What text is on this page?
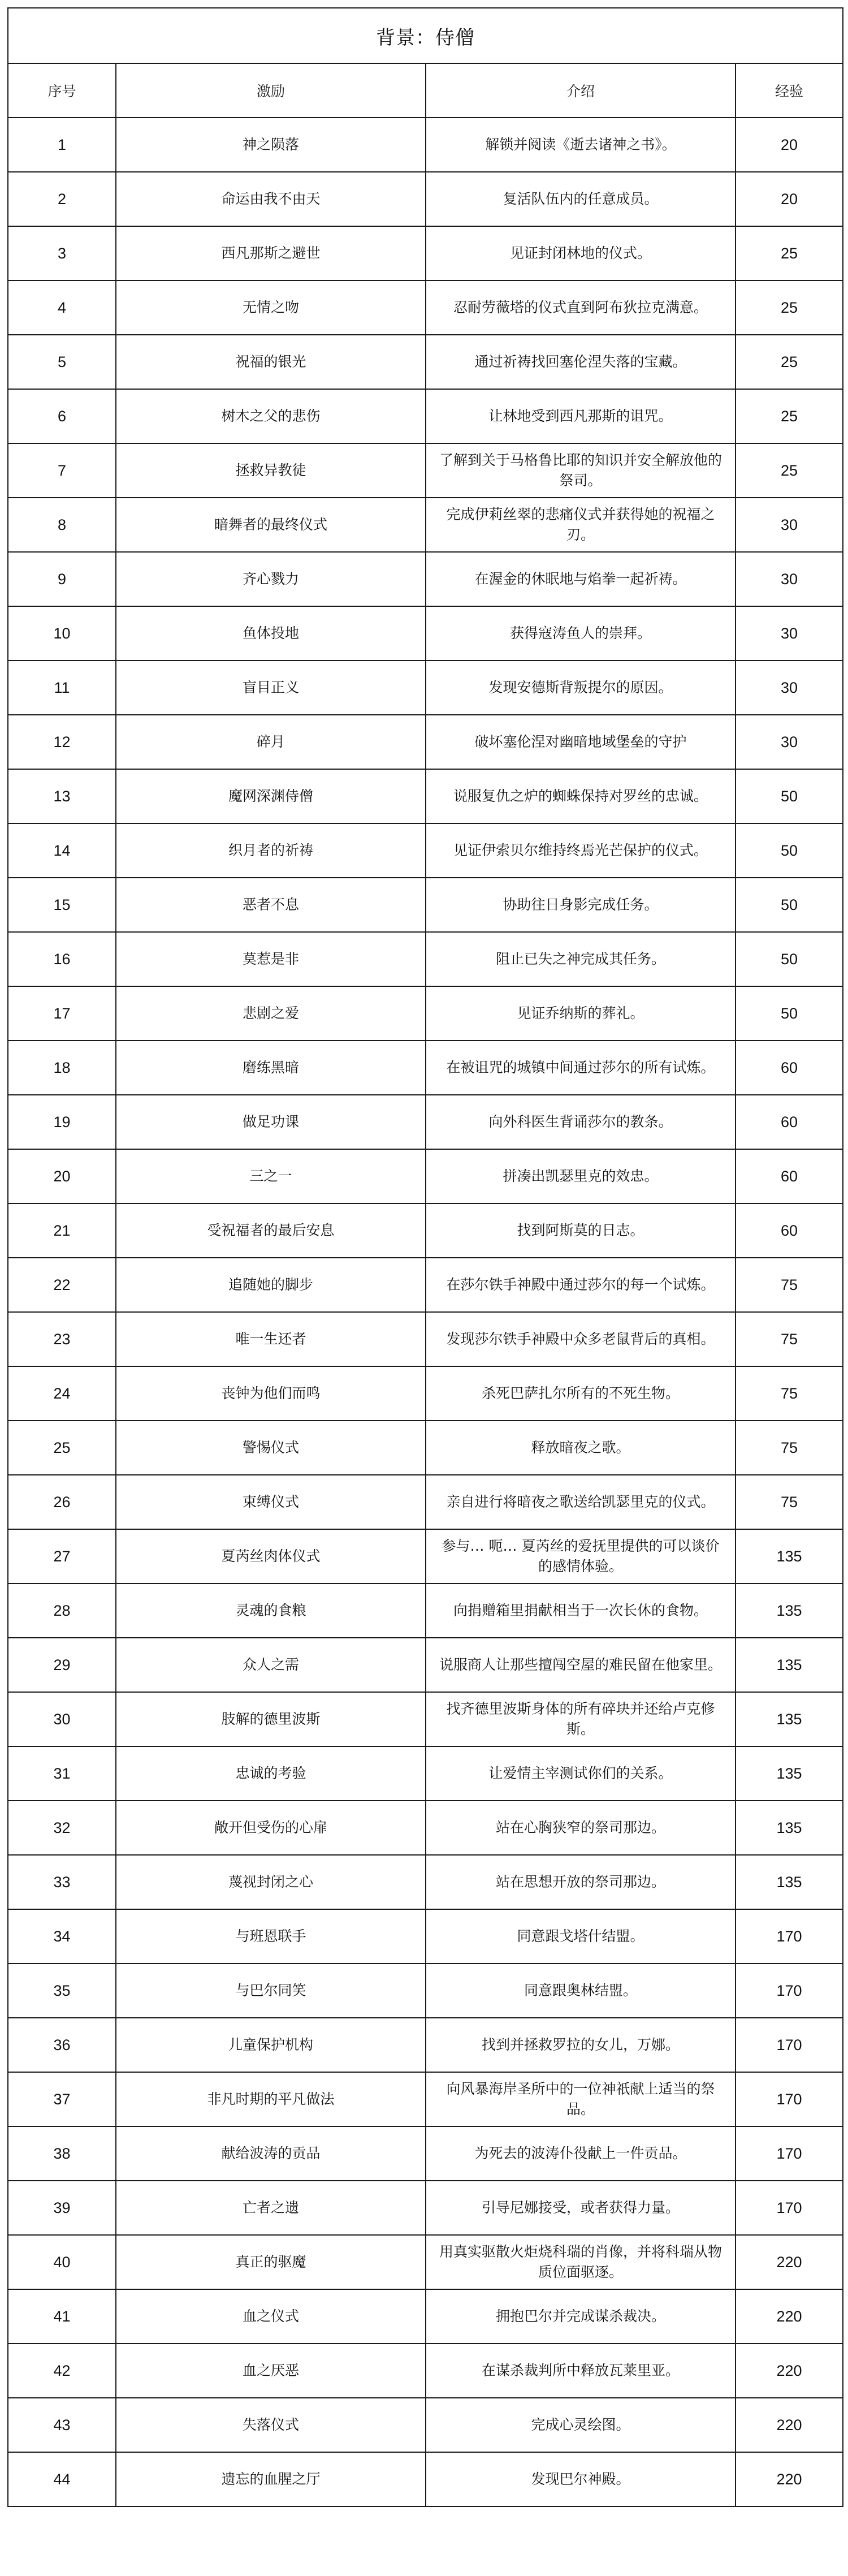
背景：侍僧			
序号	激励	介绍	经验
1	神之陨落	解锁并阅读《逝去诸神之书》。	20
2	命运由我不由天	复活队伍内的任意成员。	20
3	西凡那斯之避世	见证封闭林地的仪式。	25
4	无情之吻	忍耐劳薇塔的仪式直到阿布狄拉克满意。	25
5	祝福的银光	通过祈祷找回塞伦涅失落的宝藏。	25
6	树木之父的悲伤	让林地受到西凡那斯的诅咒。	25
7	拯救异教徒	了解到关于马格鲁比耶的知识并安全解放他的祭司。	25
8	暗舞者的最终仪式	完成伊莉丝翠的悲痛仪式并获得她的祝福之刃。	30
9	齐心戮力	在渥金的休眠地与焰拳一起祈祷。	30
10	鱼体投地	获得寇涛鱼人的崇拜。	30
11	盲目正义	发现安德斯背叛提尔的原因。	30
12	碎月	破坏塞伦涅对幽暗地域堡垒的守护	30
13	魔网深渊侍僧	说服复仇之炉的蜘蛛保持对罗丝的忠诚。	50
14	织月者的祈祷	见证伊索贝尔维持终焉光芒保护的仪式。	50
15	恶者不息	协助往日身影完成任务。	50
16	莫惹是非	阻止已失之神完成其任务。	50
17	悲剧之爱	见证乔纳斯的葬礼。	50
18	磨练黑暗	在被诅咒的城镇中间通过莎尔的所有试炼。	60
19	做足功课	向外科医生背诵莎尔的教条。	60
20	三之一	拼凑出凯瑟里克的效忠。	60
21	受祝福者的最后安息	找到阿斯莫的日志。	60
22	追随她的脚步	在莎尔铁手神殿中通过莎尔的每一个试炼。	75
23	唯一生还者	发现莎尔铁手神殿中众多老鼠背后的真相。	75
24	丧钟为他们而鸣	杀死巴萨扎尔所有的不死生物。	75
25	警惕仪式	释放暗夜之歌。	75
26	束缚仪式	亲自进行将暗夜之歌送给凯瑟里克的仪式。	75
27	夏芮丝肉体仪式	参与… 呃… 夏芮丝的爱抚里提供的可以谈价的感情体验。	135
28	灵魂的食粮	向捐赠箱里捐献相当于一次长休的食物。	135
29	众人之需	说服商人让那些擅闯空屋的难民留在他家里。	135
30	肢解的德里波斯	找齐德里波斯身体的所有碎块并还给卢克修斯。	135
31	忠诚的考验	让爱情主宰测试你们的关系。	135
32	敞开但受伤的心扉	站在心胸狭窄的祭司那边。	135
33	蔑视封闭之心	站在思想开放的祭司那边。	135
34	与班恩联手	同意跟戈塔什结盟。	170
35	与巴尔同笑	同意跟奥林结盟。	170
36	儿童保护机构	找到并拯救罗拉的女儿，万娜。	170
37	非凡时期的平凡做法	向风暴海岸圣所中的一位神祇献上适当的祭品。	170
38	献给波涛的贡品	为死去的波涛仆役献上一件贡品。	170
39	亡者之遗	引导尼娜接受，或者获得力量。	170
40	真正的驱魔	用真实驱散火炬烧科瑞的肖像，并将科瑞从物质位面驱逐。	220
41	血之仪式	拥抱巴尔并完成谋杀裁决。	220
42	血之厌恶	在谋杀裁判所中释放瓦莱里亚。	220
43	失落仪式	完成心灵绘图。	220
44	遗忘的血腥之厅	发现巴尔神殿。	220
